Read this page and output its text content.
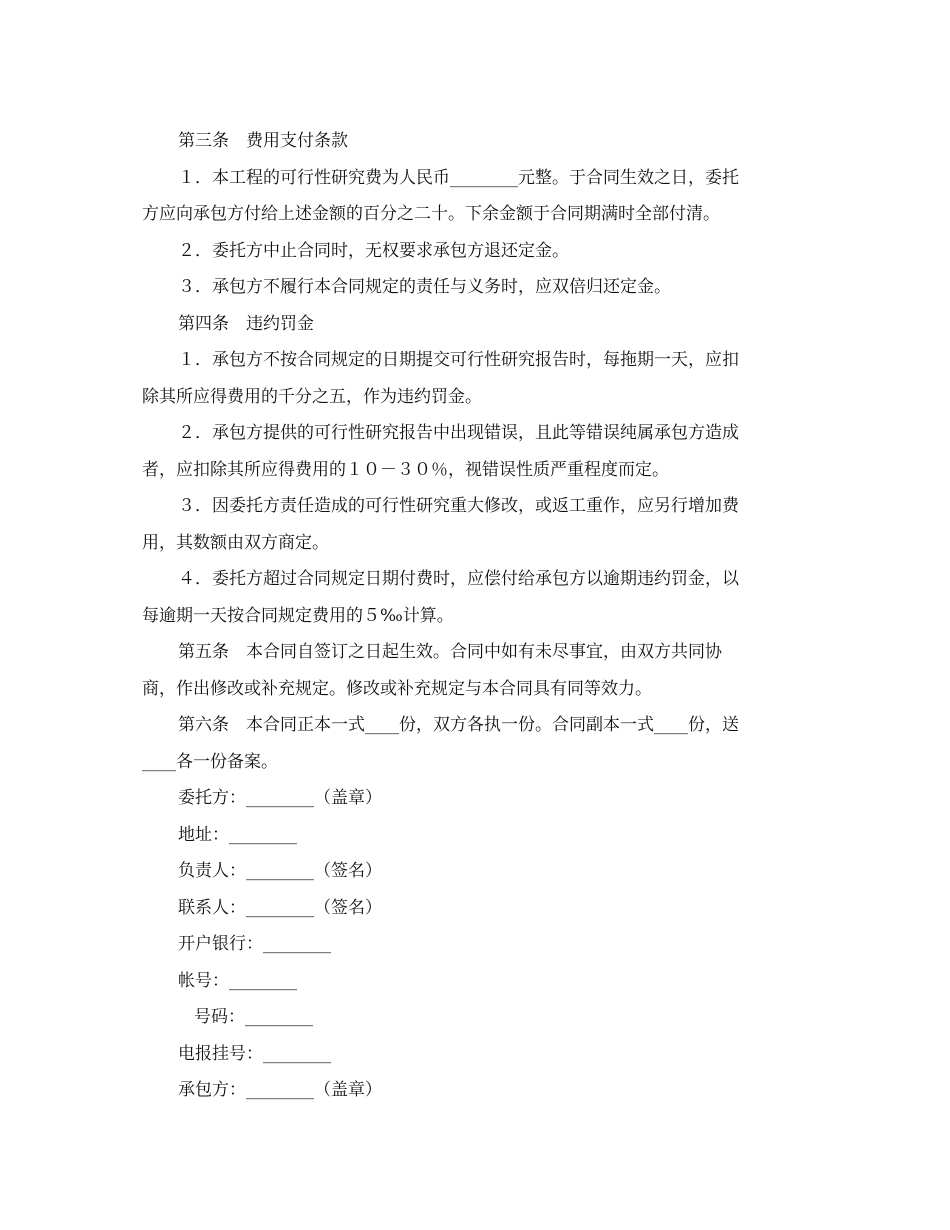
第三条　费用支付条款

１．本工程的可行性研究费为人民币________元整。于合同生效之日，委托

方应向承包方付给上述金额的百分之二十。下余金额于合同期满时全部付清。

２．委托方中止合同时，无权要求承包方退还定金。

３．承包方不履行本合同规定的责任与义务时，应双倍归还定金。

第四条　违约罚金

１．承包方不按合同规定的日期提交可行性研究报告时，每拖期一天，应扣

除其所应得费用的千分之五，作为违约罚金。

２．承包方提供的可行性研究报告中出现错误，且此等错误纯属承包方造成

者，应扣除其所应得费用的１０－３０％，视错误性质严重程度而定。

３．因委托方责任造成的可行性研究重大修改，或返工重作，应另行增加费

用，其数额由双方商定。

４．委托方超过合同规定日期付费时，应偿付给承包方以逾期违约罚金，以

每逾期一天按合同规定费用的５‰计算。

第五条　本合同自签订之日起生效。合同中如有未尽事宜，由双方共同协

商，作出修改或补充规定。修改或补充规定与本合同具有同等效力。

第六条　本合同正本一式____份，双方各执一份。合同副本一式____份，送

____各一份备案。

委托方：________（盖章）

地址：________

负责人：________（签名）

联系人：________（签名）

开户银行：________

帐号：________

号码：________

电报挂号：________

承包方：________（盖章）
